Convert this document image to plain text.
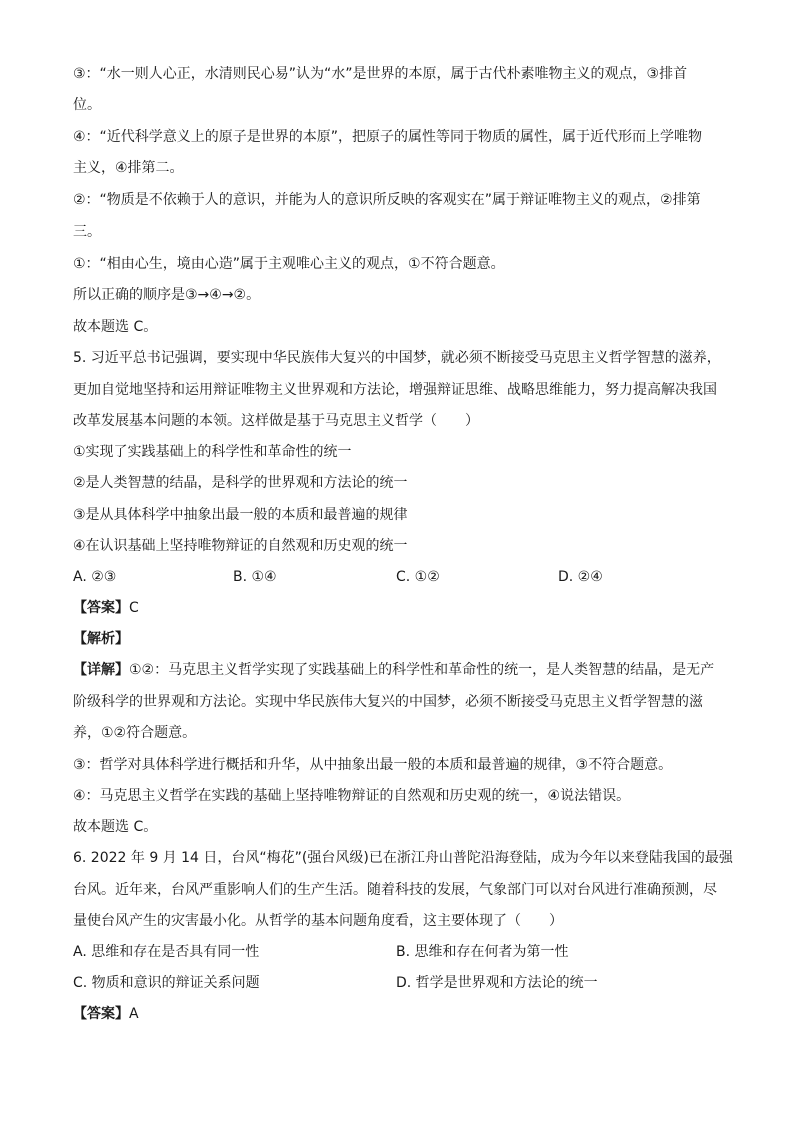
③：“水一则人心正，水清则民心易”认为“水”是世界的本原，属于古代朴素唯物主义的观点，③排首
位。
④：“近代科学意义上的原子是世界的本原”，把原子的属性等同于物质的属性，属于近代形而上学唯物
主义，④排第二。
②：“物质是不依赖于人的意识，并能为人的意识所反映的客观实在”属于辩证唯物主义的观点，②排第
三。
①：“相由心生，境由心造”属于主观唯心主义的观点，①不符合题意。
所以正确的顺序是③→④→②。
故本题选 C。
5. 习近平总书记强调，要实现中华民族伟大复兴的中国梦，就必须不断接受马克思主义哲学智慧的滋养，
更加自觉地坚持和运用辩证唯物主义世界观和方法论，增强辩证思维、战略思维能力，努力提高解决我国
改革发展基本问题的本领。这样做是基于马克思主义哲学（　　）
①实现了实践基础上的科学性和革命性的统一
②是人类智慧的结晶，是科学的世界观和方法论的统一
③是从具体科学中抽象出最一般的本质和最普遍的规律
④在认识基础上坚持唯物辩证的自然观和历史观的统一
A. ②③	B. ①④	C. ①②	D. ②④
【答案】C
【解析】
【详解】①②：马克思主义哲学实现了实践基础上的科学性和革命性的统一，是人类智慧的结晶，是无产
阶级科学的世界观和方法论。实现中华民族伟大复兴的中国梦，必须不断接受马克思主义哲学智慧的滋
养，①②符合题意。
③：哲学对具体科学进行概括和升华，从中抽象出最一般的本质和最普遍的规律，③不符合题意。
④：马克思主义哲学在实践的基础上坚持唯物辩证的自然观和历史观的统一，④说法错误。
故本题选 C。
6. 2022 年 9 月 14 日，台风“梅花”(强台风级)已在浙江舟山普陀沿海登陆，成为今年以来登陆我国的最强
台风。近年来，台风严重影响人们的生产生活。随着科技的发展，气象部门可以对台风进行准确预测，尽
量使台风产生的灾害最小化。从哲学的基本问题角度看，这主要体现了（　　）
A. 思维和存在是否具有同一性	B. 思维和存在何者为第一性
C. 物质和意识的辩证关系问题	D. 哲学是世界观和方法论的统一
【答案】A
